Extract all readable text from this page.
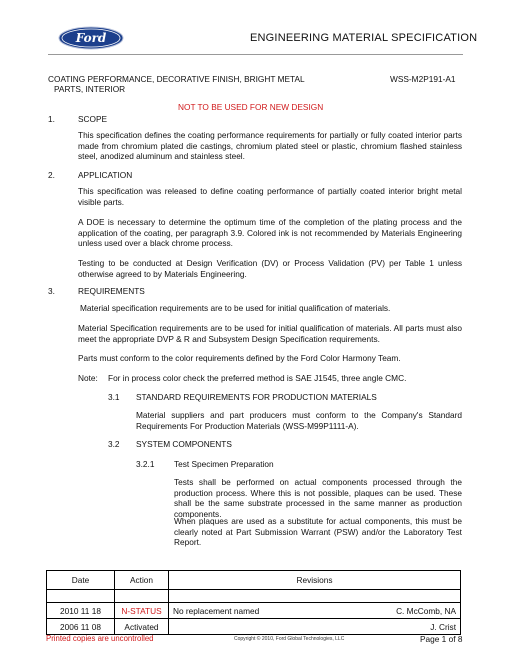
Ford	ENGINEERING MATERIAL SPECIFICATION
COATING PERFORMANCE, DECORATIVE FINISH, BRIGHT METAL
PARTS, INTERIOR
WSS-M2P191-A1
NOT TO BE USED FOR NEW DESIGN
1.	SCOPE
This specification defines the coating performance requirements for partially or fully coated interior parts made from chromium plated die castings, chromium plated steel or plastic, chromium flashed stainless steel, anodized aluminum and stainless steel.
2.	APPLICATION
This specification was released to define coating performance of partially coated interior bright metal visible parts.
A DOE is necessary to determine the optimum time of the completion of the plating process and the application of the coating, per paragraph 3.9. Colored ink is not recommended by Materials Engineering unless used over a black chrome process.
Testing to be conducted at Design Verification (DV) or Process Validation (PV) per Table 1 unless otherwise agreed to by Materials Engineering.
3.	REQUIREMENTS
Material specification requirements are to be used for initial qualification of materials.
Material Specification requirements are to be used for initial qualification of materials. All parts must also meet the appropriate DVP & R and Subsystem Design Specification requirements.
Parts must conform to the color requirements defined by the Ford Color Harmony Team.
Note: For in process color check the preferred method is SAE J1545, three angle CMC.
3.1 STANDARD REQUIREMENTS FOR PRODUCTION MATERIALS
Material suppliers and part producers must conform to the Company's Standard Requirements For Production Materials (WSS-M99P1111-A).
3.2 SYSTEM COMPONENTS
3.2.1 Test Specimen Preparation
Tests shall be performed on actual components processed through the production process. Where this is not possible, plaques can be used. These shall be the same substrate processed in the same manner as production components.
When plaques are used as a substitute for actual components, this must be clearly noted at Part Submission Warrant (PSW) and/or the Laboratory Test Report.
Date	Action	Revisions

2010 11 18	N-STATUS	No replacement named C. McComb, NA

2006 11 08	Activated	J. Crist
Printed copies are uncontrolled	Copyright © 2010, Ford Global Technologies, LLC	Page 1 of 8
